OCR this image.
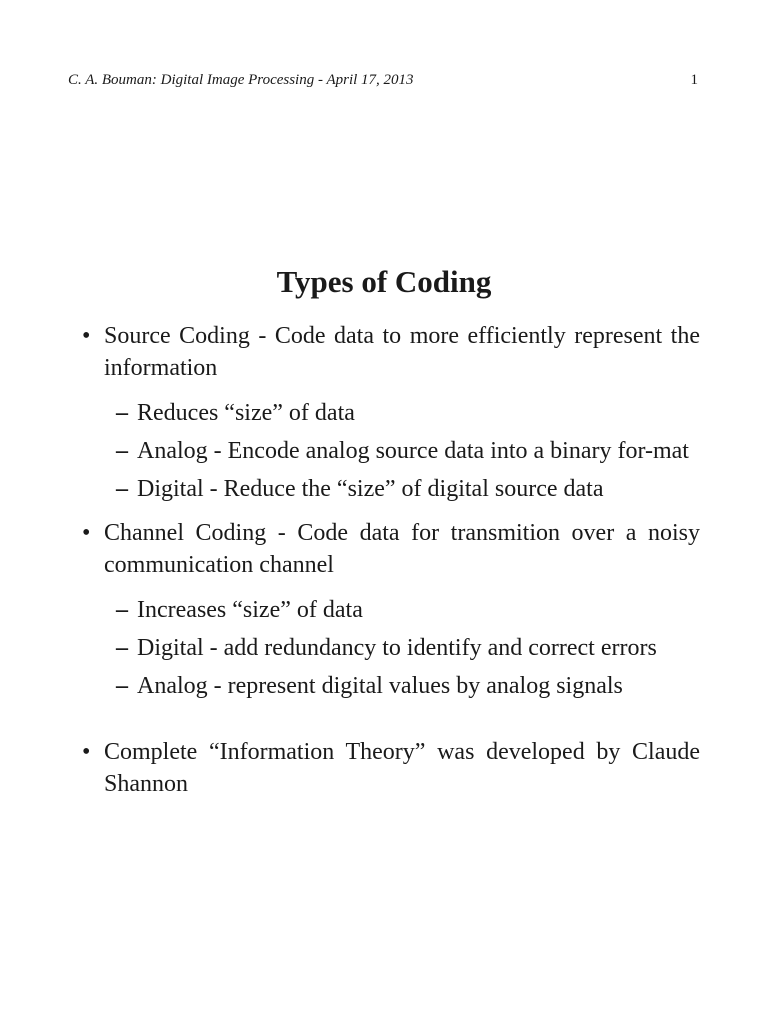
C. A. Bouman: Digital Image Processing - April 17, 2013	1
Types of Coding
• Source Coding - Code data to more efficiently represent the information
– Reduces “size” of data
– Analog - Encode analog source data into a binary for-mat
– Digital - Reduce the “size” of digital source data
• Channel Coding - Code data for transmition over a noisy communication channel
– Increases “size” of data
– Digital - add redundancy to identify and correct errors
– Analog - represent digital values by analog signals
• Complete “Information Theory” was developed by Claude Shannon
